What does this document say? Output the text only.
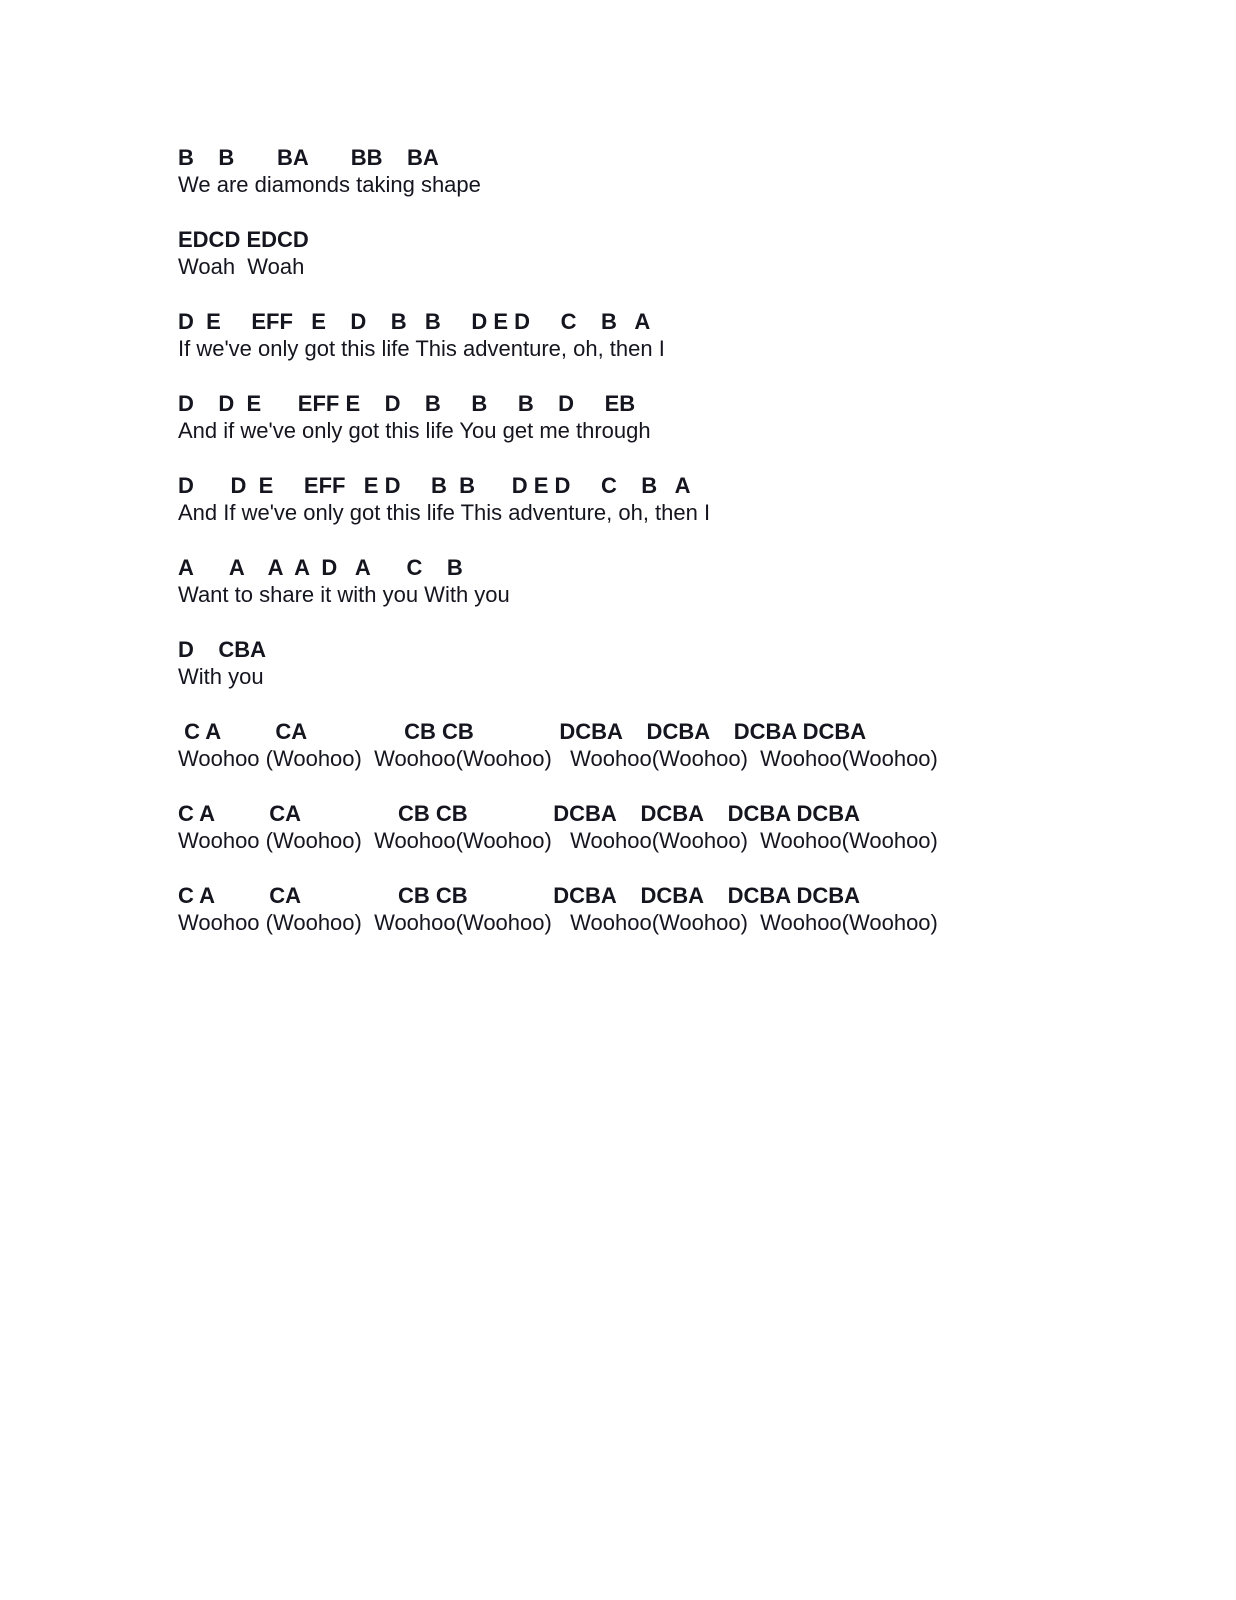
B    B       BA       BB    BA
We are diamonds taking shape
EDCD EDCD
Woah  Woah
D  E     EFF   E    D    B   B     D E D     C    B   A
If we've only got this life This adventure, oh, then I
D    D  E      EFF E    D    B     B     B    D     EB
And if we've only got this life You get me through
D      D  E     EFF   E D     B  B      D E D     C    B   A
And If we've only got this life This adventure, oh, then I
A      A    A  A  D   A      C    B
Want to share it with you With you
D    CBA
With you
C A         CA                CB CB              DCBA    DCBA    DCBA DCBA
Woohoo (Woohoo)  Woohoo(Woohoo)   Woohoo(Woohoo)  Woohoo(Woohoo)
C A         CA                CB CB              DCBA    DCBA    DCBA DCBA
Woohoo (Woohoo)  Woohoo(Woohoo)   Woohoo(Woohoo)  Woohoo(Woohoo)
C A         CA                CB CB              DCBA    DCBA    DCBA DCBA
Woohoo (Woohoo)  Woohoo(Woohoo)   Woohoo(Woohoo)  Woohoo(Woohoo)
